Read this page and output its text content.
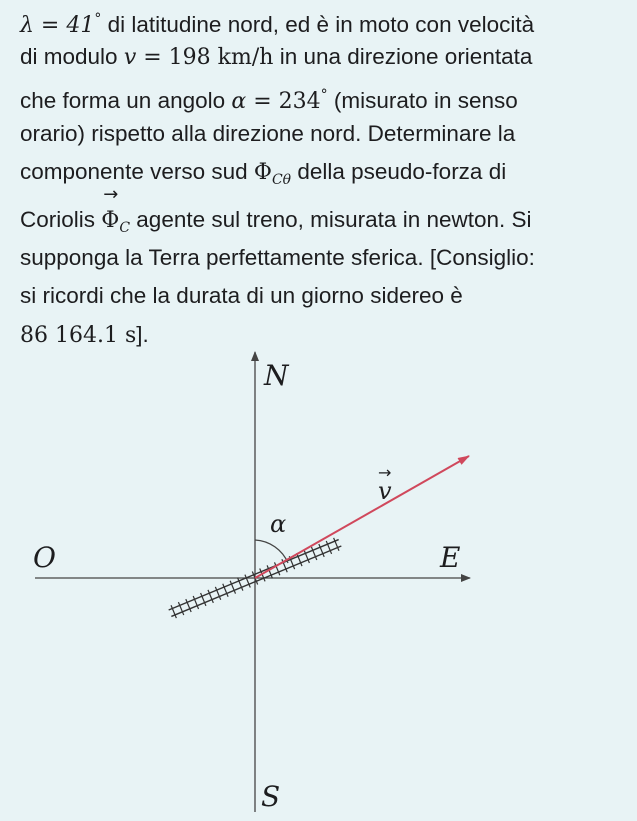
λ = 41° di latitudine nord, ed è in moto con velocità
di modulo v = 198 km/h in una direzione orientata
che forma un angolo α = 234° (misurato in senso
orario) rispetto alla direzione nord. Determinare la
componente verso sud $\Phi_{C\theta}$ della pseudo-forza di
Coriolis
→
$\Phi_C$ agente sul treno, misurata in newton. Si
supponga la Terra perfettamente sferica. [Consiglio:
si ricordi che la durata di un giorno sidereo è
86 164.1 s].
N
S
E
O
α
v
→
